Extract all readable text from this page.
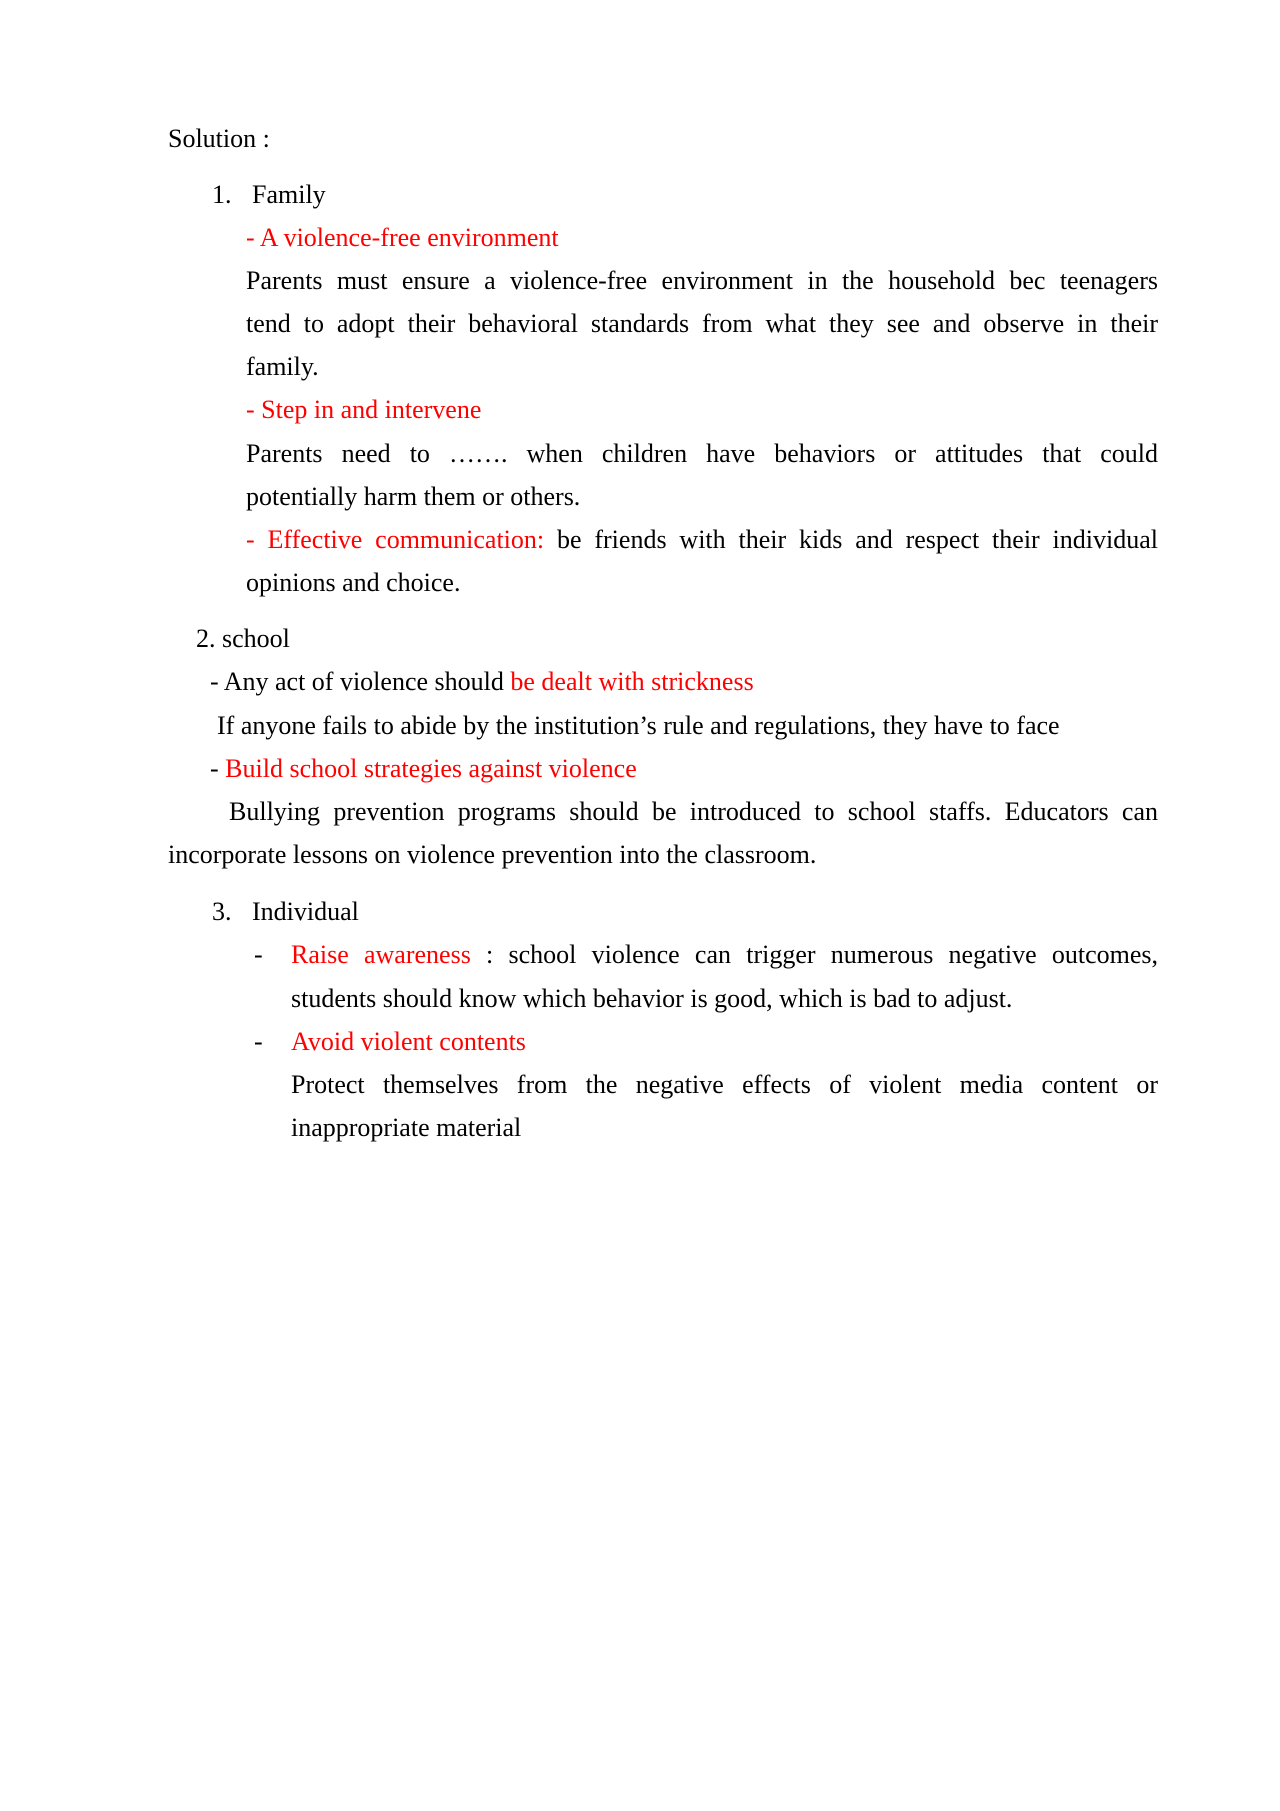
Solution :
1. Family
- A violence-free environment
Parents must ensure a violence-free environment in the household bec teenagers
tend to adopt their behavioral standards from what they see and observe in their
family.
- Step in and intervene
Parents need to ……. when children have behaviors or attitudes that could
potentially harm them or others.
- Effective communication: be friends with their kids and respect their individual
opinions and choice.
2. school
- Any act of violence should be dealt with strickness
If anyone fails to abide by the institution’s rule and regulations, they have to face
- Build school strategies against violence
Bullying prevention programs should be introduced to school staffs. Educators can
incorporate lessons on violence prevention into the classroom.
3. Individual
- Raise awareness : school violence can trigger numerous negative outcomes,
students should know which behavior is good, which is bad to adjust.
- Avoid violent contents
Protect themselves from the negative effects of violent media content or
inappropriate material
